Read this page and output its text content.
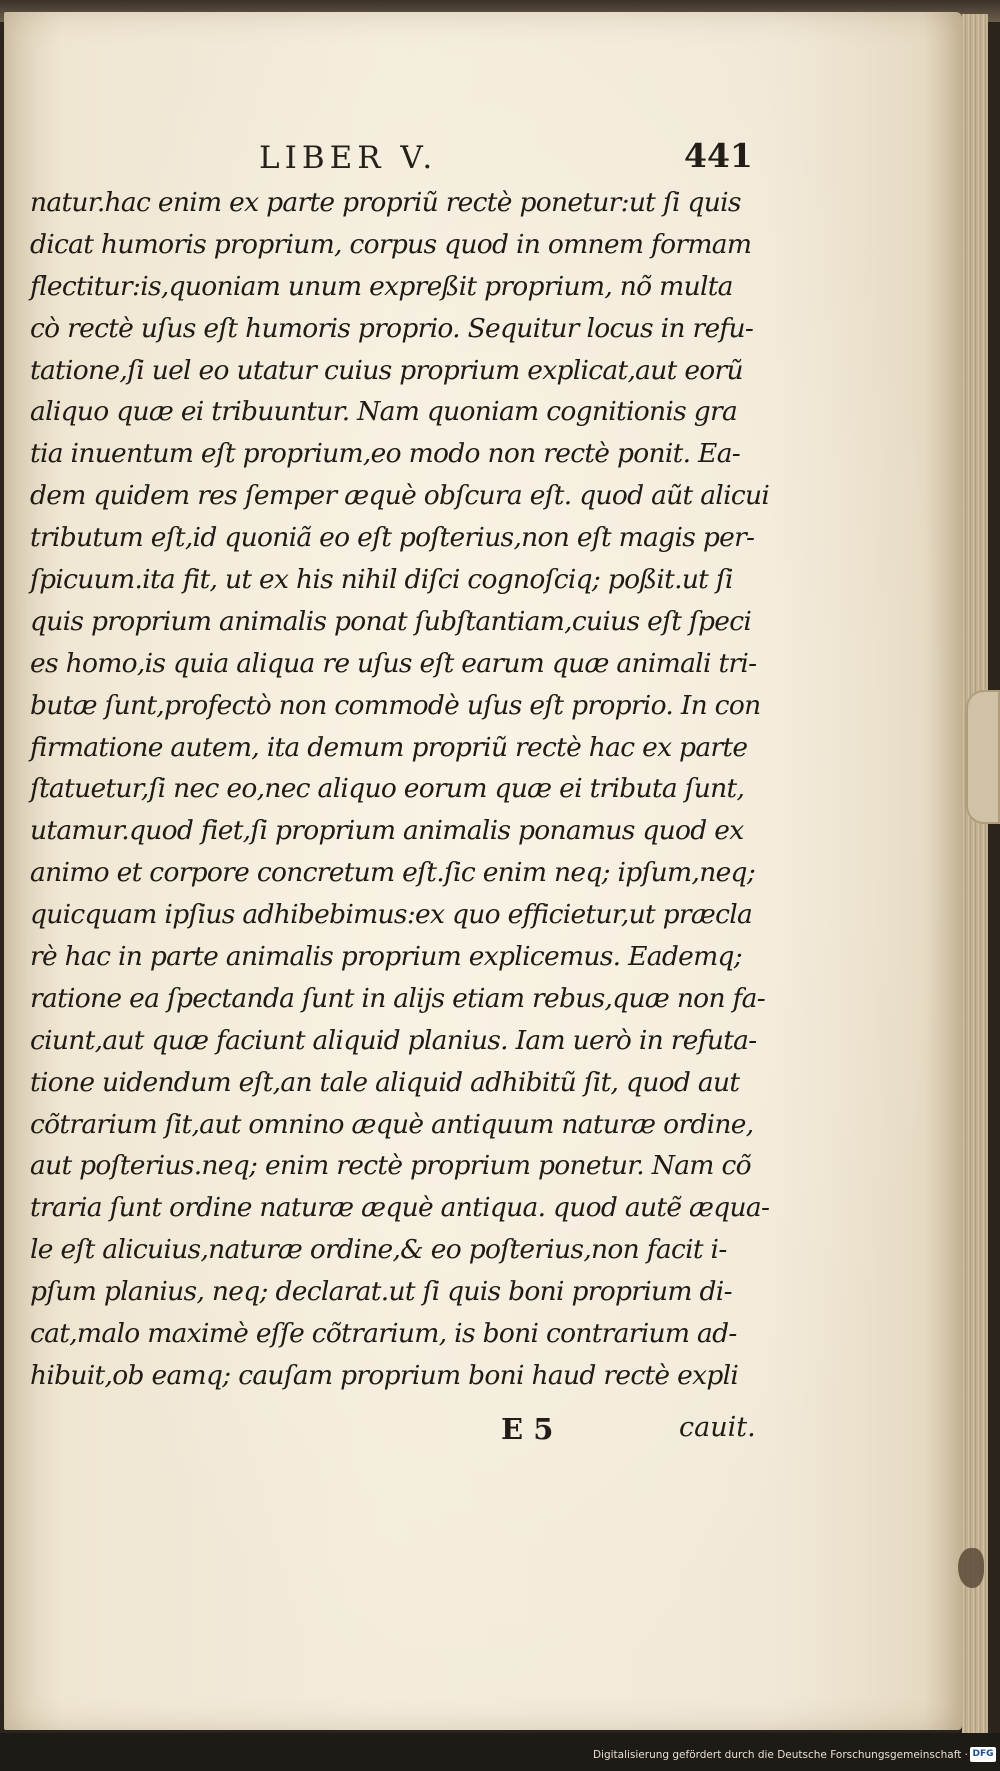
LIBER V.	441
natur.hac enim ex parte propriũ rectè ponetur:ut ſi quis
dicat humoris proprium, corpus quod in omnem formam
flectitur:is,quoniam unum expreßit proprium, nõ multa
cò rectè uſus eſt humoris proprio. Sequitur locus in refu-
tatione,ſi uel eo utatur cuius proprium explicat,aut eorũ
aliquo quæ ei tribuuntur. Nam quoniam cognitionis gra
tia inuentum eſt proprium,eo modo non rectè ponit. Ea-
dem quidem res ſemper æquè obſcura eſt. quod aũt alicui
tributum eſt,id quoniã eo eſt poſterius,non eſt magis per-
ſpicuum.ita fit, ut ex his nihil diſci cognoſciq; poßit.ut ſi
quis proprium animalis ponat ſubſtantiam,cuius eſt ſpeci
es homo,is quia aliqua re uſus eſt earum quæ animali tri-
butæ ſunt,profectò non commodè uſus eſt proprio. In con
firmatione autem, ita demum propriũ rectè hac ex parte
ſtatuetur,ſi nec eo,nec aliquo eorum quæ ei tributa ſunt,
utamur.quod fiet,ſi proprium animalis ponamus quod ex
animo et corpore concretum eſt.ſic enim neq; ipſum,neq;
quicquam ipſius adhibebimus:ex quo efficietur,ut præcla
rè hac in parte animalis proprium explicemus. Eademq;
ratione ea ſpectanda ſunt in alijs etiam rebus,quæ non fa-
ciunt,aut quæ faciunt aliquid planius. Iam uerò in refuta-
tione uidendum eſt,an tale aliquid adhibitũ ſit, quod aut
cõtrarium ſit,aut omnino æquè antiquum naturæ ordine,
aut poſterius.neq; enim rectè proprium ponetur. Nam cõ
traria ſunt ordine naturæ æquè antiqua. quod autẽ æqua-
le eſt alicuius,naturæ ordine,& eo poſterius,non facit i-
pſum planius, neq; declarat.ut ſi quis boni proprium di-
cat,malo maximè eſſe cõtrarium, is boni contrarium ad-
hibuit,ob eamq; cauſam proprium boni haud rectè expli
E 5	cauit.
Digitalisierung gefördert durch die Deutsche Forschungsgemeinschaft · DFG
